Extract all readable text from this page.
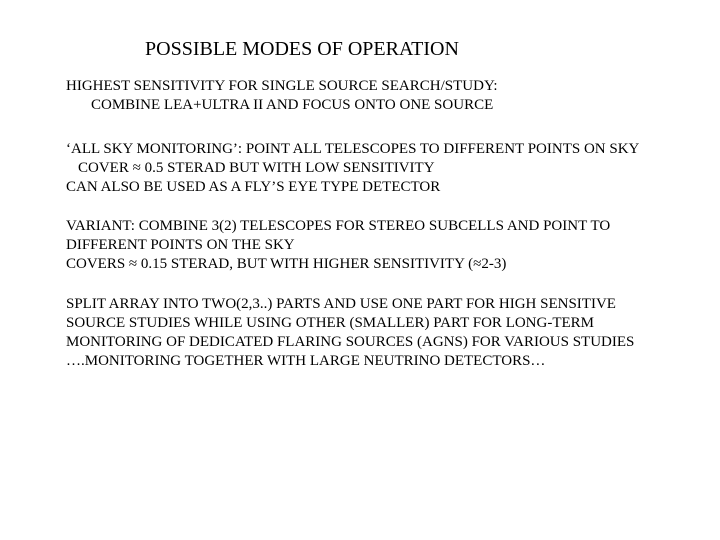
POSSIBLE MODES OF OPERATION
HIGHEST SENSITIVITY FOR SINGLE SOURCE SEARCH/STUDY:
COMBINE LEA+ULTRA II AND FOCUS ONTO ONE SOURCE
‘ALL SKY MONITORING’: POINT ALL TELESCOPES TO DIFFERENT POINTS ON SKY
COVER ≈ 0.5 STERAD BUT WITH LOW SENSITIVITY
CAN ALSO BE USED AS A FLY’S EYE TYPE DETECTOR
VARIANT: COMBINE 3(2) TELESCOPES FOR STEREO SUBCELLS AND POINT TO
DIFFERENT POINTS ON THE SKY
COVERS ≈ 0.15 STERAD, BUT WITH HIGHER SENSITIVITY (≈2-3)
SPLIT ARRAY INTO TWO(2,3..) PARTS AND USE ONE PART FOR HIGH SENSITIVE
SOURCE STUDIES WHILE USING OTHER (SMALLER) PART FOR LONG-TERM
MONITORING OF DEDICATED FLARING SOURCES (AGNS) FOR VARIOUS STUDIES
….MONITORING TOGETHER WITH LARGE NEUTRINO DETECTORS…
